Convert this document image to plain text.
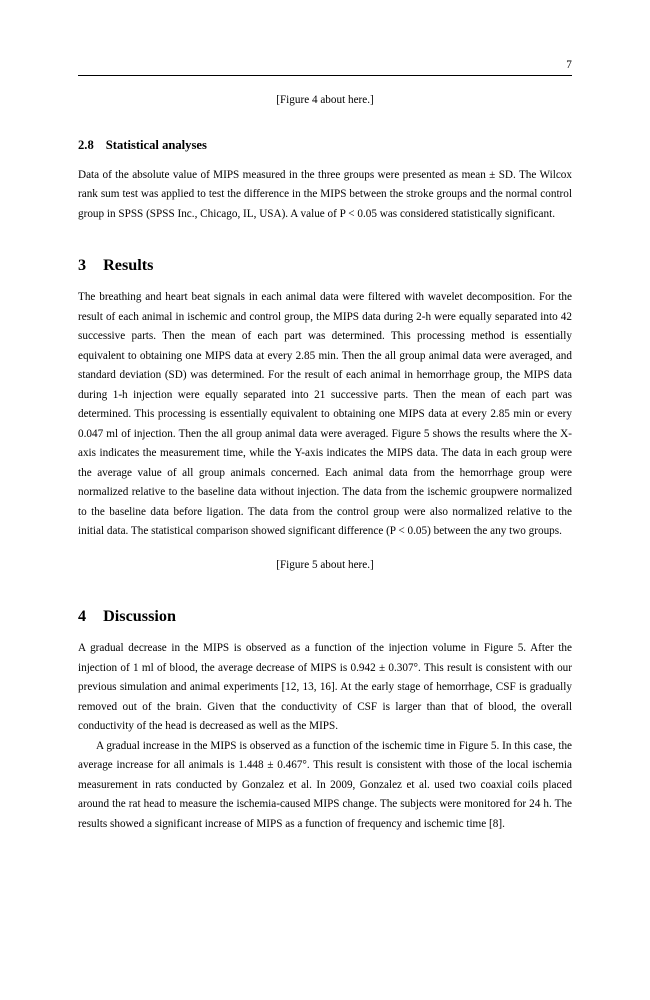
7
[Figure 4 about here.]
2.8 Statistical analyses

Data of the absolute value of MIPS measured in the three groups were presented as mean ± SD. The Wilcox rank sum test was applied to test the difference in the MIPS between the stroke groups and the normal control group in SPSS (SPSS Inc., Chicago, IL, USA). A value of P < 0.05 was considered statistically significant.

3 Results

The breathing and heart beat signals in each animal data were filtered with wavelet decomposition. For the result of each animal in ischemic and control group, the MIPS data during 2-h were equally separated into 42 successive parts. Then the mean of each part was determined. This processing method is essentially equivalent to obtaining one MIPS data at every 2.85 min. Then the all group animal data were averaged, and standard deviation (SD) was determined. For the result of each animal in hemorrhage group, the MIPS data during 1-h injection were equally separated into 21 successive parts. Then the mean of each part was determined. This processing is essentially equivalent to obtaining one MIPS data at every 2.85 min or every 0.047 ml of injection. Then the all group animal data were averaged. Figure 5 shows the results where the X-axis indicates the measurement time, while the Y-axis indicates the MIPS data. The data in each group were the average value of all group animals concerned. Each animal data from the hemorrhage group were normalized relative to the baseline data without injection. The data from the ischemic groupwere normalized to the baseline data before ligation. The data from the control group were also normalized relative to the initial data. The statistical comparison showed significant difference (P < 0.05) between the any two groups.

[Figure 5 about here.]
4 Discussion

A gradual decrease in the MIPS is observed as a function of the injection volume in Figure 5. After the injection of 1 ml of blood, the average decrease of MIPS is 0.942 ± 0.307°. This result is consistent with our previous simulation and animal experiments [12, 13, 16]. At the early stage of hemorrhage, CSF is gradually removed out of the brain. Given that the conductivity of CSF is larger than that of blood, the overall conductivity of the head is decreased as well as the MIPS.

A gradual increase in the MIPS is observed as a function of the ischemic time in Figure 5. In this case, the average increase for all animals is 1.448 ± 0.467°. This result is consistent with those of the local ischemia measurement in rats conducted by Gonzalez et al. In 2009, Gonzalez et al. used two coaxial coils placed around the rat head to measure the ischemia-caused MIPS change. The subjects were monitored for 24 h. The results showed a significant increase of MIPS as a function of frequency and ischemic time [8].
